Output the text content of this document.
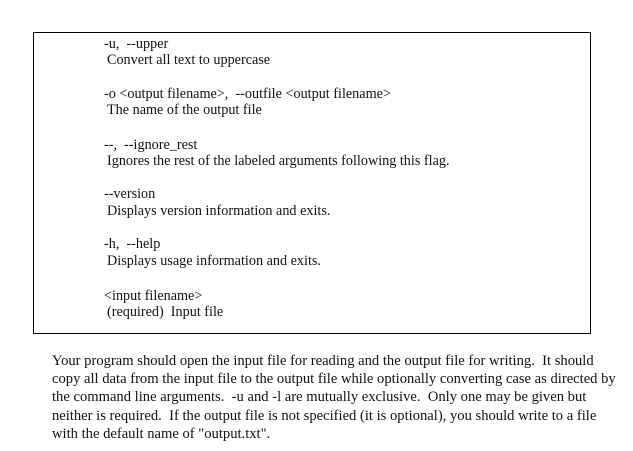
-u,  --upper
Convert all text to uppercase
-o <output filename>,  --outfile <output filename>
The name of the output file
--,  --ignore_rest
Ignores the rest of the labeled arguments following this flag.
--version
Displays version information and exits.
-h,  --help
Displays usage information and exits.
<input filename>
(required)  Input file

Your program should open the input file for reading and the output file for writing.  It should
copy all data from the input file to the output file while optionally converting case as directed by
the command line arguments.  -u and -l are mutually exclusive.  Only one may be given but
neither is required.  If the output file is not specified (it is optional), you should write to a file
with the default name of "output.txt".
